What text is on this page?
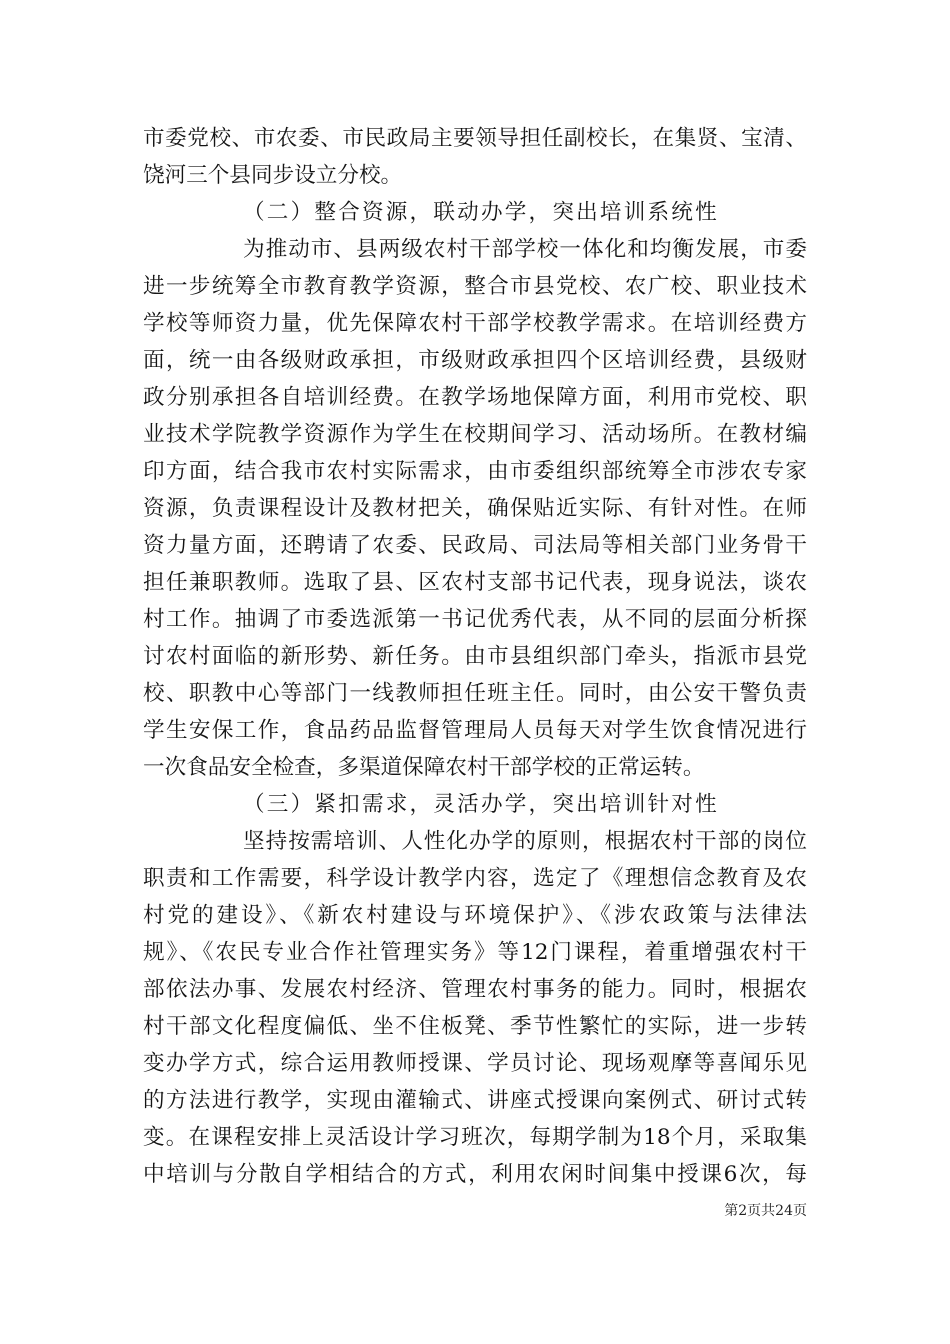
市委党校、市农委、市民政局主要领导担任副校长，在集贤、宝清、
饶河三个县同步设立分校。
（二）整合资源，联动办学，突出培训系统性
为推动市、县两级农村干部学校一体化和均衡发展，市委
进一步统筹全市教育教学资源，整合市县党校、农广校、职业技术
学校等师资力量，优先保障农村干部学校教学需求。在培训经费方
面，统一由各级财政承担，市级财政承担四个区培训经费，县级财
政分别承担各自培训经费。在教学场地保障方面，利用市党校、职
业技术学院教学资源作为学生在校期间学习、活动场所。在教材编
印方面，结合我市农村实际需求，由市委组织部统筹全市涉农专家
资源，负责课程设计及教材把关，确保贴近实际、有针对性。在师
资力量方面，还聘请了农委、民政局、司法局等相关部门业务骨干
担任兼职教师。选取了县、区农村支部书记代表，现身说法，谈农
村工作。抽调了市委选派第一书记优秀代表，从不同的层面分析探
讨农村面临的新形势、新任务。由市县组织部门牵头，指派市县党
校、职教中心等部门一线教师担任班主任。同时，由公安干警负责
学生安保工作，食品药品监督管理局人员每天对学生饮食情况进行
一次食品安全检查，多渠道保障农村干部学校的正常运转。
（三）紧扣需求，灵活办学，突出培训针对性
坚持按需培训、人性化办学的原则，根据农村干部的岗位
职责和工作需要，科学设计教学内容，选定了《理想信念教育及农
村党的建设》、《新农村建设与环境保护》、《涉农政策与法律法
规》、《农民专业合作社管理实务》等12门课程，着重增强农村干
部依法办事、发展农村经济、管理农村事务的能力。同时，根据农
村干部文化程度偏低、坐不住板凳、季节性繁忙的实际，进一步转
变办学方式，综合运用教师授课、学员讨论、现场观摩等喜闻乐见
的方法进行教学，实现由灌输式、讲座式授课向案例式、研讨式转
变。在课程安排上灵活设计学习班次，每期学制为18个月，采取集
中培训与分散自学相结合的方式，利用农闲时间集中授课6次，每
第2页共24页
